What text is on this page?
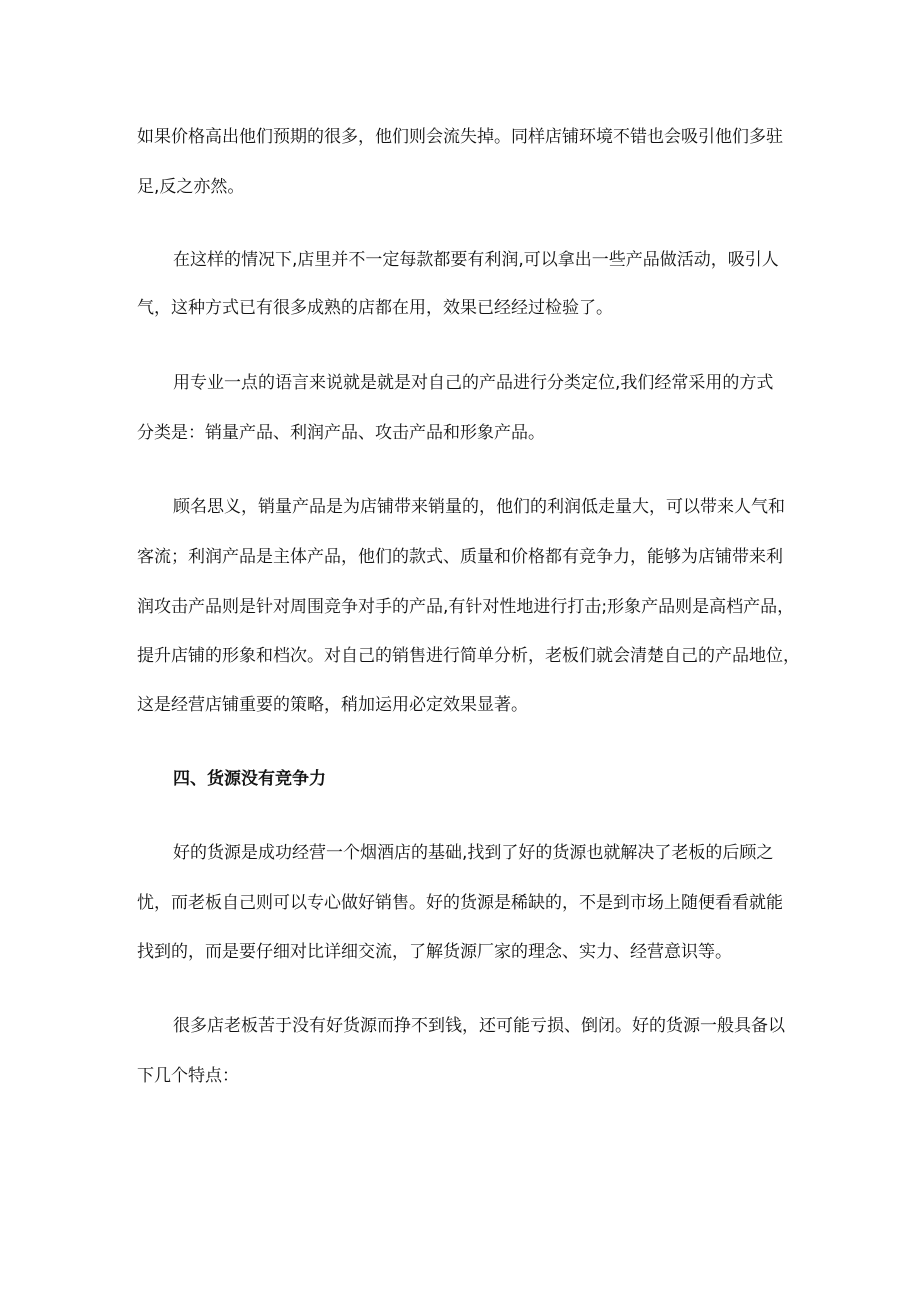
如果价格高出他们预期的很多，他们则会流失掉。同样店铺环境不错也会吸引他们多驻

足,反之亦然。

在这样的情况下,店里并不一定每款都要有利润,可以拿出一些产品做活动，吸引人

气，这种方式已有很多成熟的店都在用，效果已经经过检验了。

用专业一点的语言来说就是就是对自己的产品进行分类定位,我们经常采用的方式

分类是：销量产品、利润产品、攻击产品和形象产品。

顾名思义，销量产品是为店铺带来销量的，他们的利润低走量大，可以带来人气和

客流；利润产品是主体产品，他们的款式、质量和价格都有竞争力，能够为店铺带来利

润攻击产品则是针对周围竞争对手的产品,有针对性地进行打击;形象产品则是高档产品，

提升店铺的形象和档次。对自己的销售进行简单分析，老板们就会清楚自己的产品地位，

这是经营店铺重要的策略，稍加运用必定效果显著。

四、货源没有竞争力

好的货源是成功经营一个烟酒店的基础,找到了好的货源也就解决了老板的后顾之

忧，而老板自己则可以专心做好销售。好的货源是稀缺的，不是到市场上随便看看就能

找到的，而是要仔细对比详细交流，了解货源厂家的理念、实力、经营意识等。

很多店老板苦于没有好货源而挣不到钱，还可能亏损、倒闭。好的货源一般具备以

下几个特点：
